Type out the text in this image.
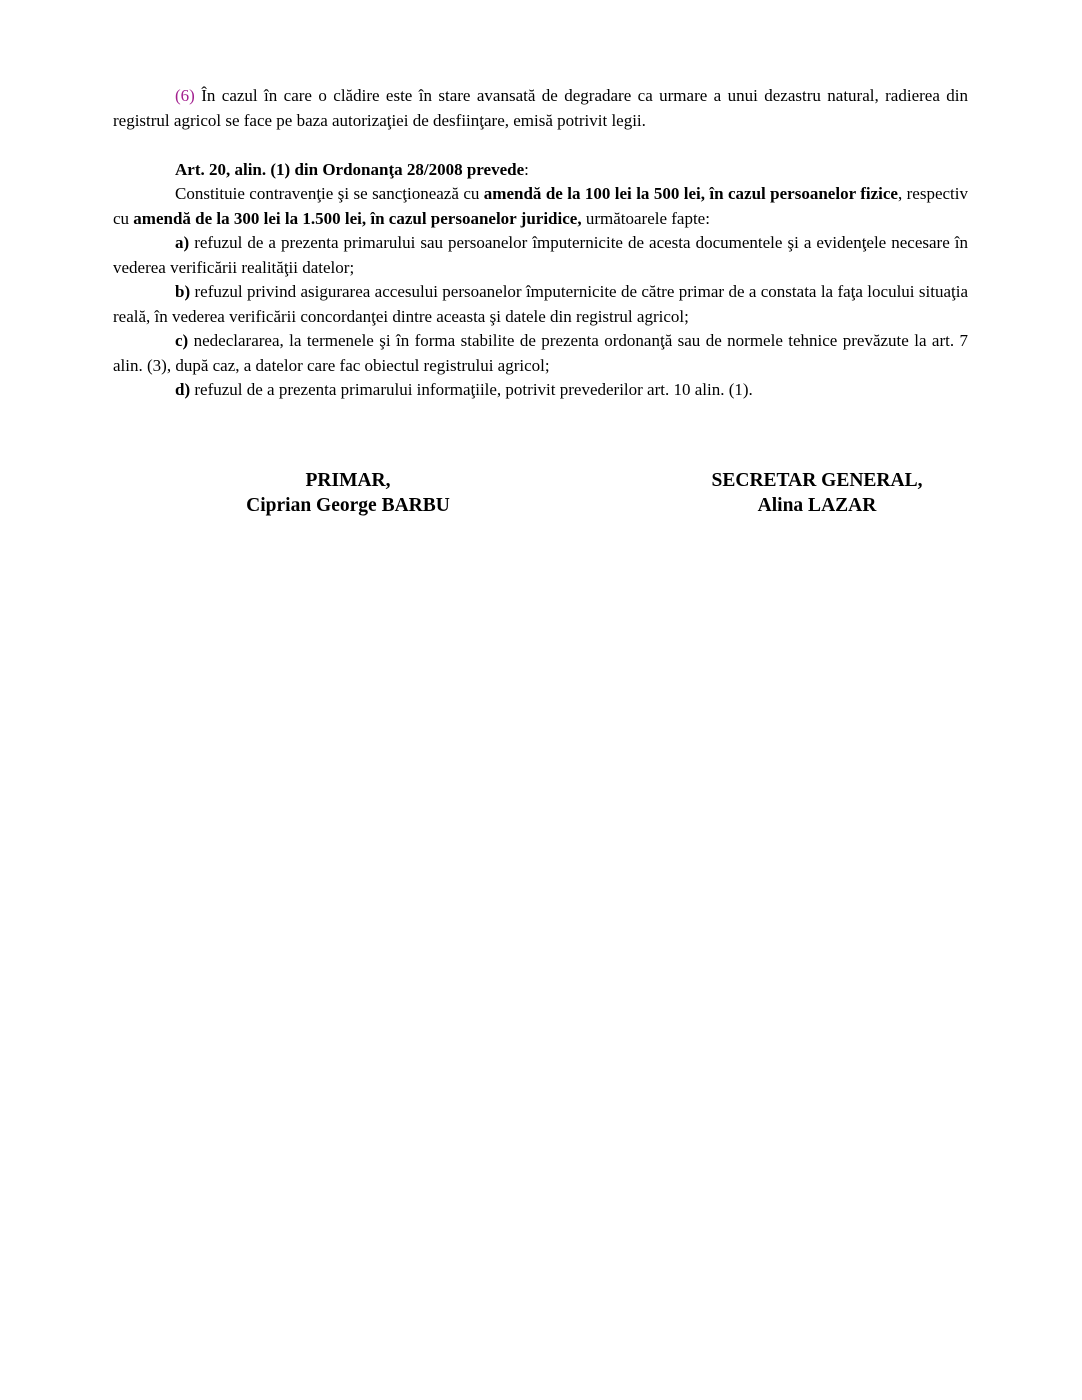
(6) În cazul în care o clădire este în stare avansată de degradare ca urmare a unui dezastru natural, radierea din registrul agricol se face pe baza autorizaţiei de desfiinţare, emisă potrivit legii.

Art. 20, alin. (1) din Ordonanţa 28/2008 prevede:

Constituie contravenţie şi se sancţionează cu amendă de la 100 lei la 500 lei, în cazul persoanelor fizice, respectiv cu amendă de la 300 lei la 1.500 lei, în cazul persoanelor juridice, următoarele fapte:

a) refuzul de a prezenta primarului sau persoanelor împuternicite de acesta documentele şi a evidenţele necesare în vederea verificării realităţii datelor;

b) refuzul privind asigurarea accesului persoanelor împuternicite de către primar de a constata la faţa locului situaţia reală, în vederea verificării concordanţei dintre aceasta şi datele din registrul agricol;

c) nedeclararea, la termenele şi în forma stabilite de prezenta ordonanţă sau de normele tehnice prevăzute la art. 7 alin. (3), după caz, a datelor care fac obiectul registrului agricol;

d) refuzul de a prezenta primarului informaţiile, potrivit prevederilor art. 10 alin. (1).

PRIMAR,
Ciprian George BARBU
SECRETAR GENERAL,
Alina LAZAR
